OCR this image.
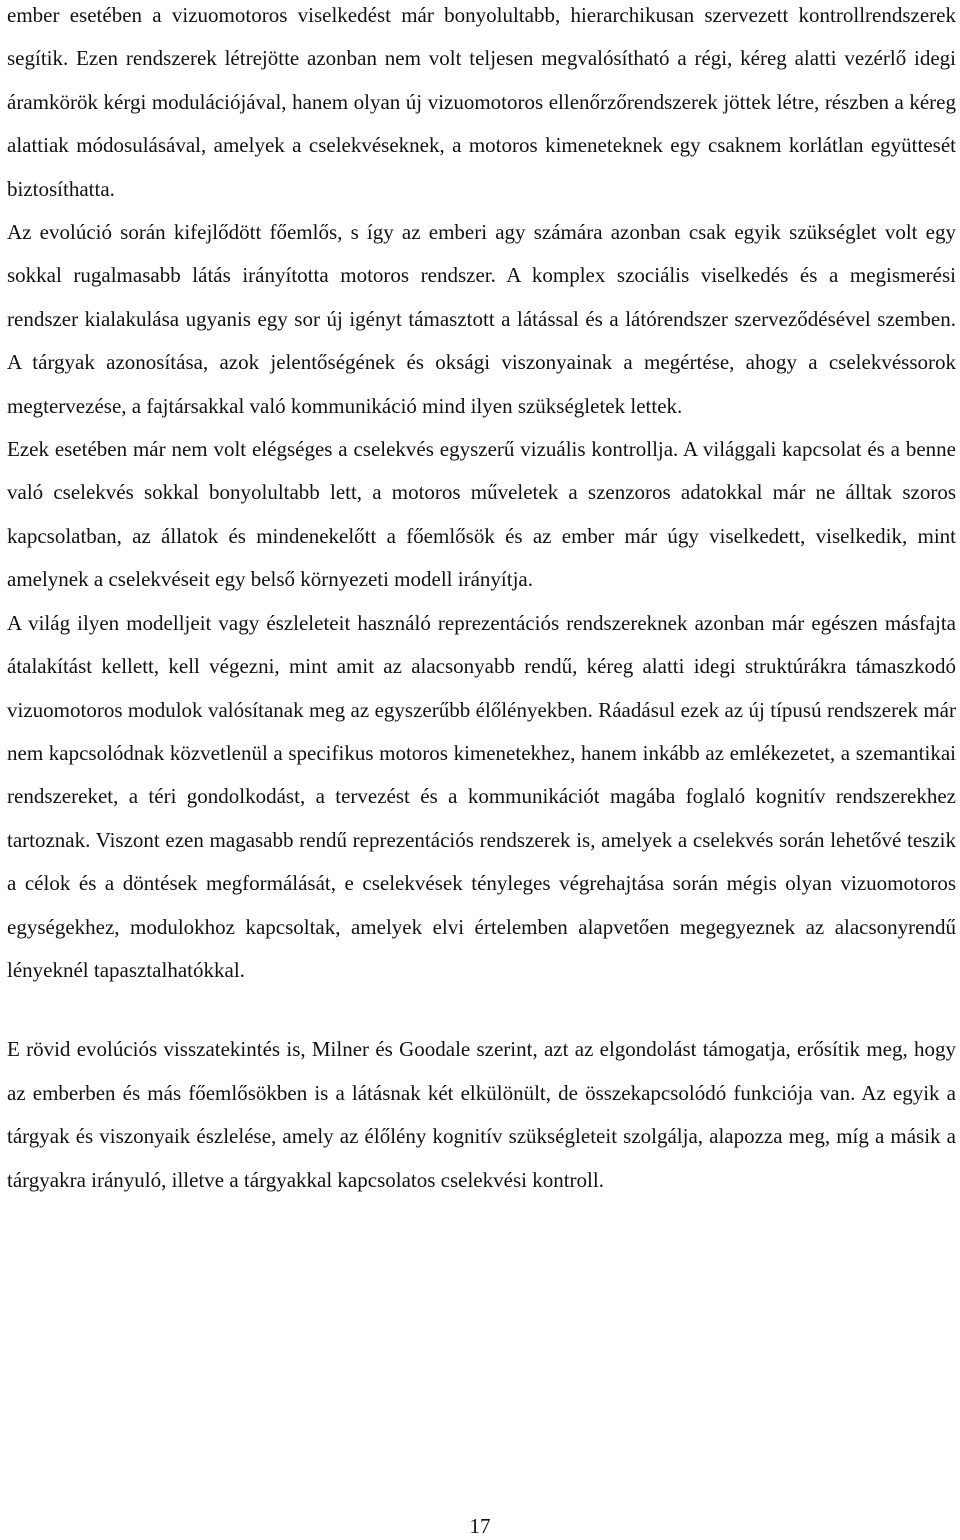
ember esetében a vizuomotoros viselkedést már bonyolultabb, hierarchikusan szervezett kontrollrendszerek segítik. Ezen rendszerek létrejötte azonban nem volt teljesen megvalósítható a régi, kéreg alatti vezérlő idegi áramkörök kérgi modulációjával, hanem olyan új vizuomotoros ellenőrzőrendszerek jöttek létre, részben a kéreg alattiak módosulásával, amelyek a cselekvéseknek, a motoros kimeneteknek egy csaknem korlátlan együttesét biztosíthatta.

Az evolúció során kifejlődött főemlős, s így az emberi agy számára azonban csak egyik szükséglet volt egy sokkal rugalmasabb látás irányította motoros rendszer. A komplex szociális viselkedés és a megismerési rendszer kialakulása ugyanis egy sor új igényt támasztott a látással és a látórendszer szerveződésével szemben. A tárgyak azonosítása, azok jelentőségének és oksági viszonyainak a megértése, ahogy a cselekvéssorok megtervezése, a fajtársakkal való kommunikáció mind ilyen szükségletek lettek.

Ezek esetében már nem volt elégséges a cselekvés egyszerű vizuális kontrollja. A világgali kapcsolat és a benne való cselekvés sokkal bonyolultabb lett, a motoros műveletek a szenzoros adatokkal már ne álltak szoros kapcsolatban, az állatok és mindenekelőtt a főemlősök és az ember már úgy viselkedett, viselkedik, mint amelynek a cselekvéseit egy belső környezeti modell irányítja.

A világ ilyen modelljeit vagy észleleteit használó reprezentációs rendszereknek azonban már egészen másfajta átalakítást kellett, kell végezni, mint amit az alacsonyabb rendű, kéreg alatti idegi struktúrákra támaszkodó vizuomotoros modulok valósítanak meg az egyszerűbb élőlényekben. Ráadásul ezek az új típusú rendszerek már nem kapcsolódnak közvetlenül a specifikus motoros kimenetekhez, hanem inkább az emlékezetet, a szemantikai rendszereket, a téri gondolkodást, a tervezést és a kommunikációt magába foglaló kognitív rendszerekhez tartoznak. Viszont ezen magasabb rendű reprezentációs rendszerek is, amelyek a cselekvés során lehetővé teszik a célok és a döntések megformálását, e cselekvések tényleges végrehajtása során mégis olyan vizuomotoros egységekhez, modulokhoz kapcsoltak, amelyek elvi értelemben alapvetően megegyeznek az alacsonyrendű lényeknél tapasztalhatókkal.

E rövid evolúciós visszatekintés is, Milner és Goodale szerint, azt az elgondolást támogatja, erősítik meg, hogy az emberben és más főemlősökben is a látásnak két elkülönült, de összekapcsolódó funkciója van. Az egyik a tárgyak és viszonyaik észlelése, amely az élőlény kognitív szükségleteit szolgálja, alapozza meg, míg a másik a tárgyakra irányuló, illetve a tárgyakkal kapcsolatos cselekvési kontroll.

17
